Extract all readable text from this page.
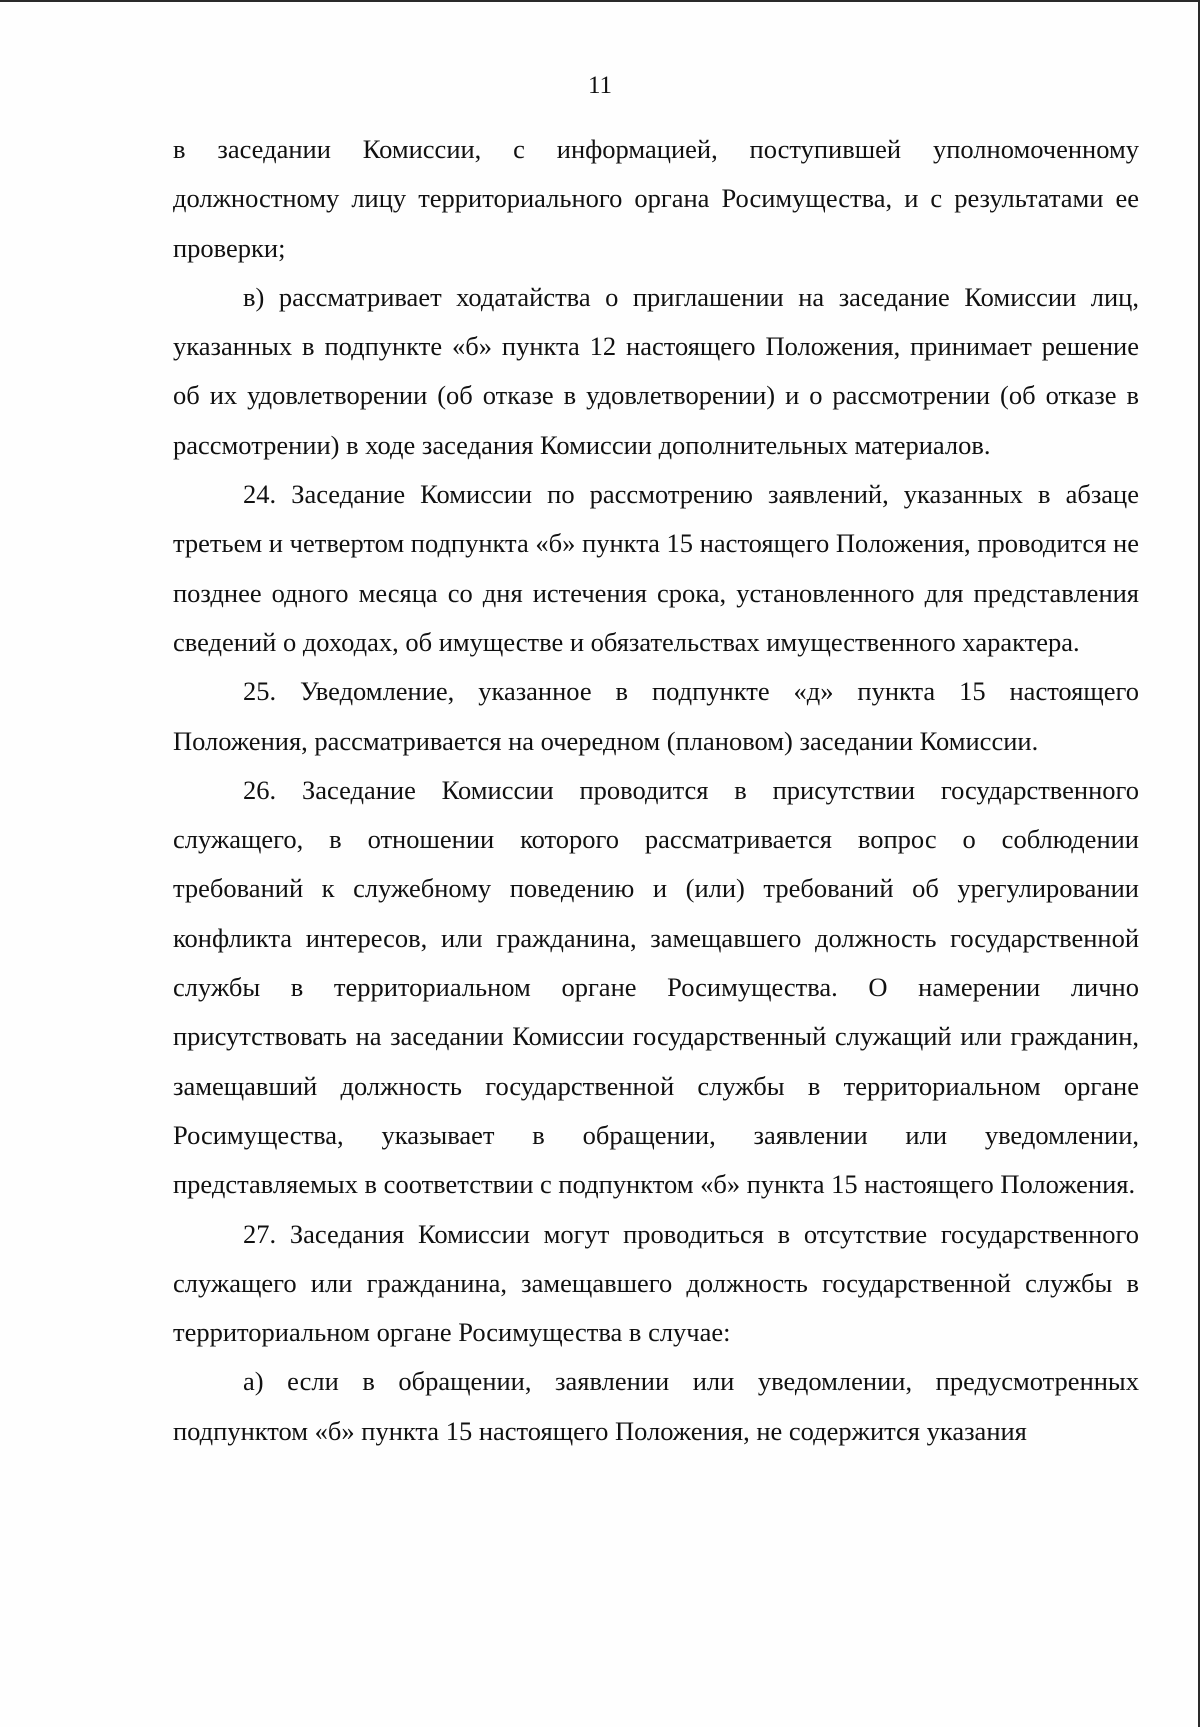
11

в заседании Комиссии, с информацией, поступившей уполномоченному должностному лицу территориального органа Росимущества, и с результатами ее проверки;

в) рассматривает ходатайства о приглашении на заседание Комиссии лиц, указанных в подпункте «б» пункта 12 настоящего Положения, принимает решение об их удовлетворении (об отказе в удовлетворении) и о рассмотрении (об отказе в рассмотрении) в ходе заседания Комиссии дополнительных материалов.

24. Заседание Комиссии по рассмотрению заявлений, указанных в абзаце третьем и четвертом подпункта «б» пункта 15 настоящего Положения, проводится не позднее одного месяца со дня истечения срока, установленного для представления сведений о доходах, об имуществе и обязательствах имущественного характера.

25. Уведомление, указанное в подпункте «д» пункта 15 настоящего Положения, рассматривается на очередном (плановом) заседании Комиссии.

26. Заседание Комиссии проводится в присутствии государственного служащего, в отношении которого рассматривается вопрос о соблюдении требований к служебному поведению и (или) требований об урегулировании конфликта интересов, или гражданина, замещавшего должность государственной службы в территориальном органе Росимущества. О намерении лично присутствовать на заседании Комиссии государственный служащий или гражданин, замещавший должность государственной службы в территориальном органе Росимущества, указывает в обращении, заявлении или уведомлении, представляемых в соответствии с подпунктом «б» пункта 15 настоящего Положения.

27. Заседания Комиссии могут проводиться в отсутствие государственного служащего или гражданина, замещавшего должность государственной службы в территориальном органе Росимущества в случае:

а) если в обращении, заявлении или уведомлении, предусмотренных подпунктом «б» пункта 15 настоящего Положения, не содержится указания
